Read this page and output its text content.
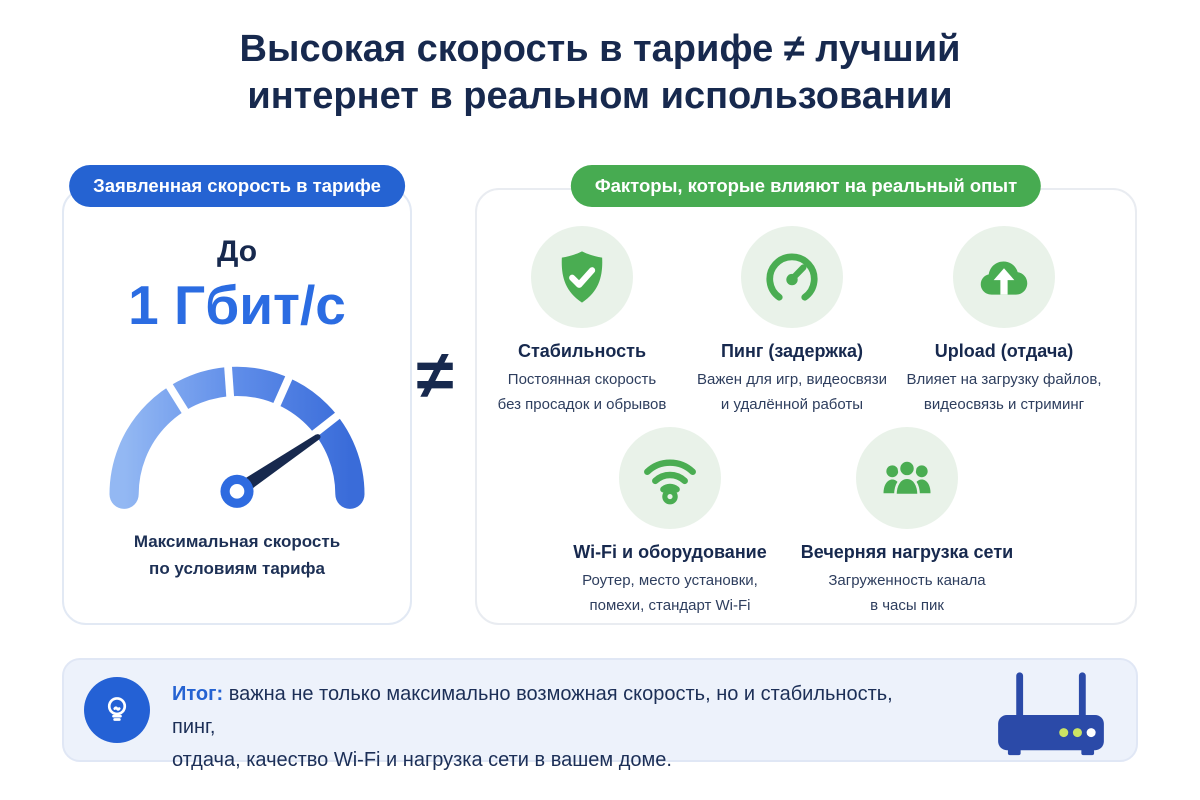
Высокая скорость в тарифе ≠ лучший
интернет в реальном использовании
Заявленная скорость в тарифе
До
1 Гбит/с
Максимальная скорость
по условиям тарифа
≠
Факторы, которые влияют на реальный опыт
Стабильность
Постоянная скорость
без просадок и обрывов
Пинг (задержка)
Важен для игр, видеосвязи
и удалённой работы
Upload (отдача)
Влияет на загрузку файлов,
видеосвязь и стриминг
Wi-Fi и оборудование
Роутер, место установки,
помехи, стандарт Wi-Fi
Вечерняя нагрузка сети
Загруженность канала
в часы пик

Итог: важна не только максимально возможная скорость, но и стабильность, пинг,
отдача, качество Wi-Fi и нагрузка сети в вашем доме.
